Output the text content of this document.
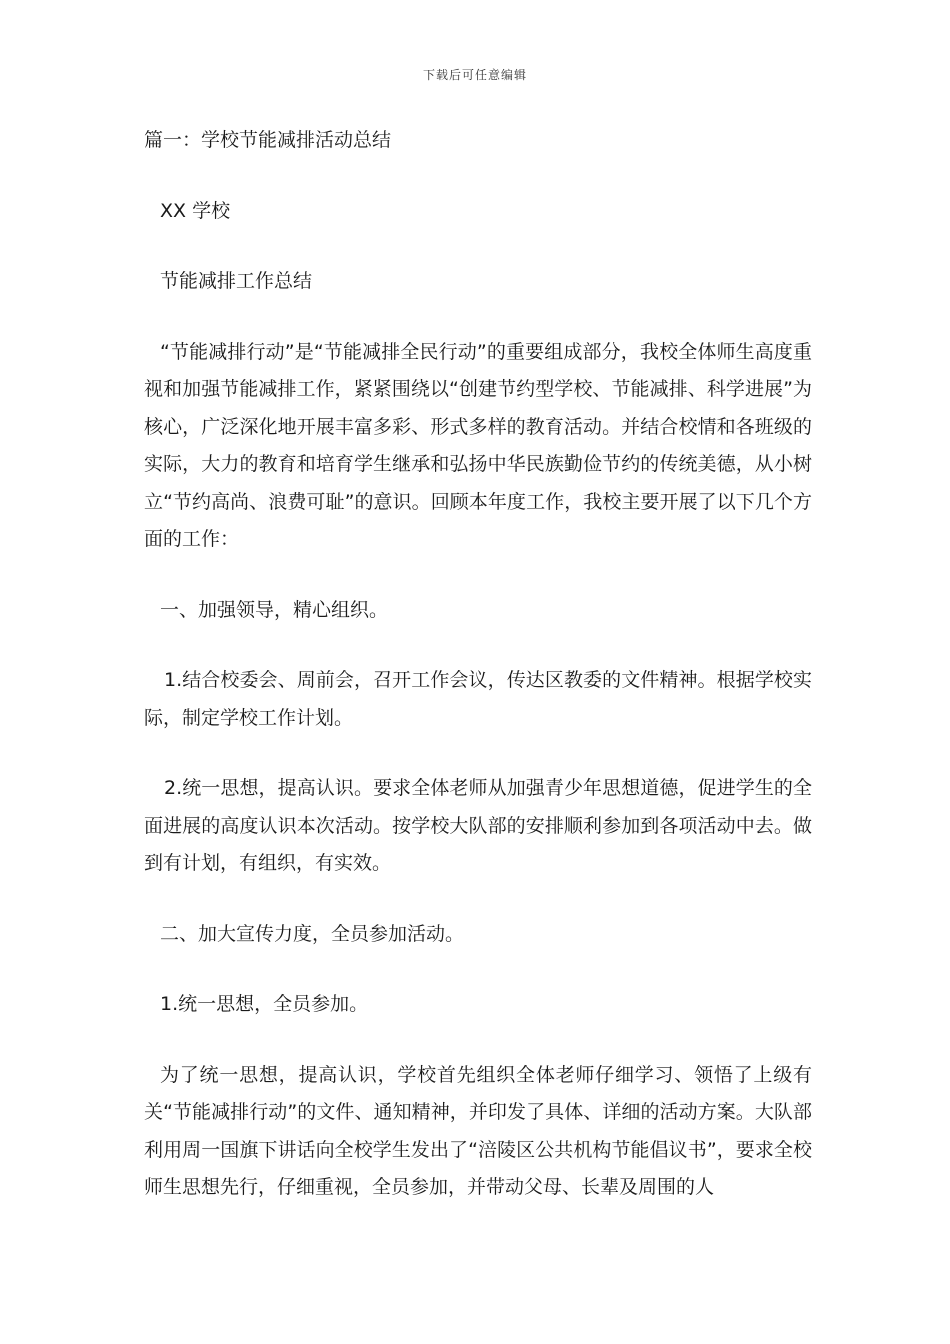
下载后可任意编辑

篇一：学校节能减排活动总结

XX 学校

节能减排工作总结

“节能减排行动”是“节能减排全民行动”的重要组成部分，我校全体师生高度重视和加强节能减排工作，紧紧围绕以“创建节约型学校、节能减排、科学进展”为核心，广泛深化地开展丰富多彩、形式多样的教育活动。并结合校情和各班级的实际，大力的教育和培育学生继承和弘扬中华民族勤俭节约的传统美德，从小树立“节约高尚、浪费可耻”的意识。回顾本年度工作，我校主要开展了以下几个方面的工作：

一、加强领导，精心组织。

1.结合校委会、周前会，召开工作会议，传达区教委的文件精神。根据学校实际，制定学校工作计划。

2.统一思想，提高认识。要求全体老师从加强青少年思想道德，促进学生的全面进展的高度认识本次活动。按学校大队部的安排顺利参加到各项活动中去。做到有计划，有组织，有实效。

二、加大宣传力度，全员参加活动。

1.统一思想，全员参加。

为了统一思想，提高认识，学校首先组织全体老师仔细学习、领悟了上级有关“节能减排行动”的文件、通知精神，并印发了具体、详细的活动方案。大队部利用周一国旗下讲话向全校学生发出了“涪陵区公共机构节能倡议书”，要求全校师生思想先行，仔细重视，全员参加，并带动父母、长辈及周围的人
